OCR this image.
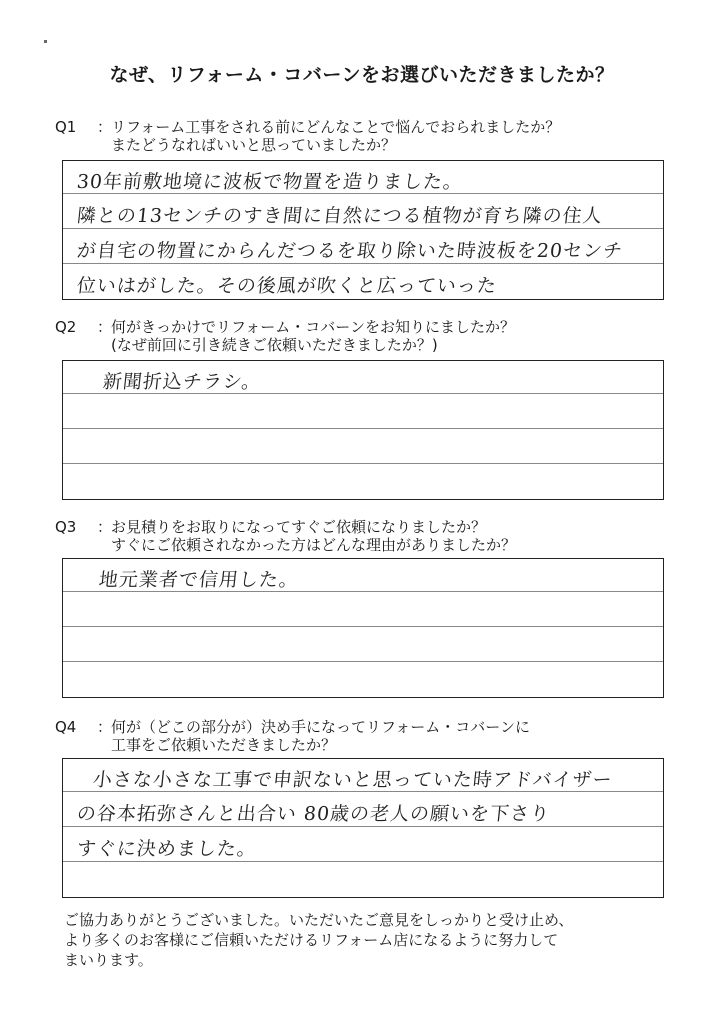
なぜ、リフォーム・コバーンをお選びいただきましたか？
Q1 ：リフォーム工事をされる前にどんなことで悩んでおられましたか？
またどうなればいいと思っていましたか？
30年前敷地境に波板で物置を造りました。
隣との13センチのすき間に自然につる植物が育ち隣の住人
が自宅の物置にからんだつるを取り除いた時波板を20センチ
位いはがした。その後風が吹くと広っていった
Q2 ：何がきっかけでリフォーム・コバーンをお知りにましたか？
(なぜ前回に引き続きご依頼いただきましたか？)
新聞折込チラシ。
Q3 ：お見積りをお取りになってすぐご依頼になりましたか？
すぐにご依頼されなかった方はどんな理由がありましたか？
地元業者で信用した。
Q4 ：何が（どこの部分が）決め手になってリフォーム・コバーンに
工事をご依頼いただきましたか？
小さな小さな工事で申訳ないと思っていた時アドバイザー
の谷本拓弥さんと出合い 80歳の老人の願いを下さり
すぐに決めました。
ご協力ありがとうございました。いただいたご意見をしっかりと受け止め、
より多くのお客様にご信頼いただけるリフォーム店になるように努力して
まいります。
